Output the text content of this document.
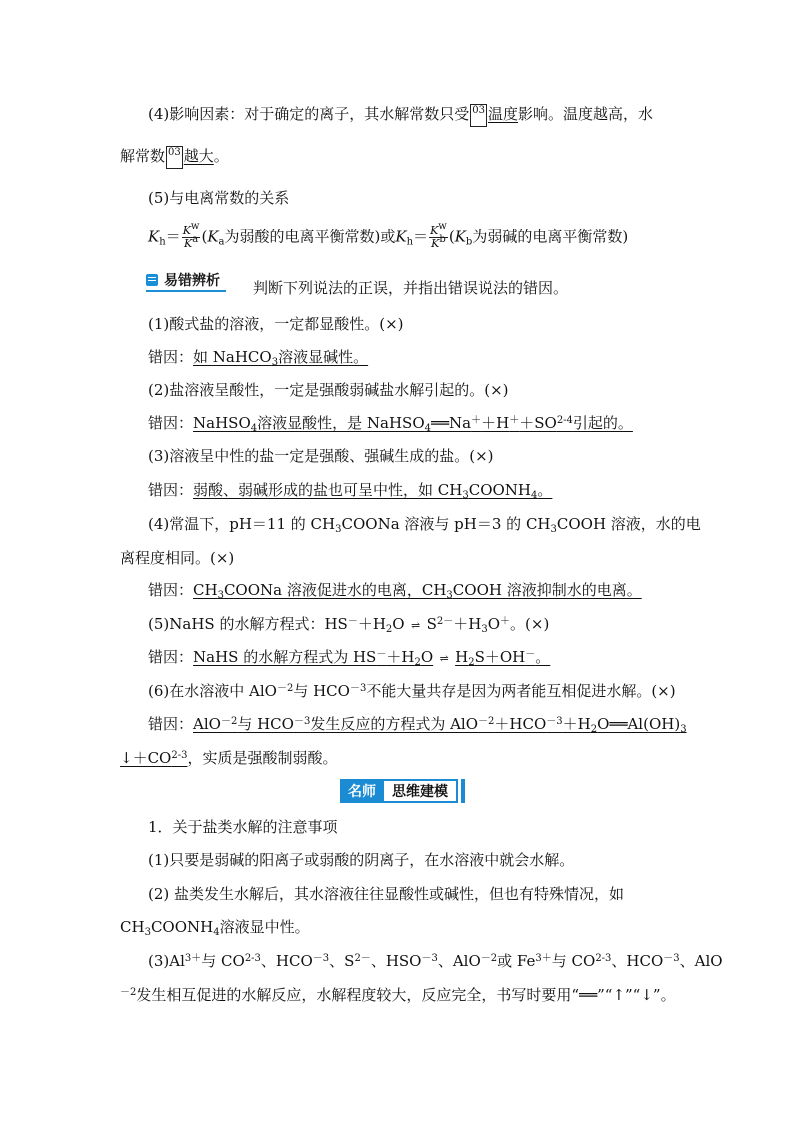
(4)影响因素：对于确定的离子，其水解常数只受 03 温度影响。温度越高，水
解常数 03 越大。
(5)与电离常数的关系
$K_h= \frac{K^w}{K^a} (K_a$为弱酸的电离平衡常数)或$K_h= \frac{K^w}{K^b} (K_b$为弱碱的电离平衡常数)
易错辨析 判断下列说法的正误，并指出错误说法的错因。
(1)酸式盐的溶液，一定都显酸性。(×)
错因：如 NaHCO$_3$溶液显碱性。
(2)盐溶液呈酸性，一定是强酸弱碱盐水解引起的。(×)
错因：NaHSO$_4$溶液显酸性，是 $NaHSO_4══Na^++H^++SO^{2-4}$引起的。
(3)溶液呈中性的盐一定是强酸、强碱生成的盐。(×)
错因：弱酸、弱碱形成的盐也可呈中性，如 $CH_3COONH_4$。
(4)常温下，pH＝11 的 $CH_3COONa$ 溶液与 pH＝3 的 $CH_3COOH$ 溶液，水的电
离程度相同。(×)
错因：$CH_3COONa$ 溶液促进水的电离，$CH_3COOH$ 溶液抑制水的电离。
(5)NaHS 的水解方程式：$HS^-+H_2O$ ⇌ $S^{2-}+H_3O^+$。(×)
错因：NaHS 的水解方程式为 $HS^-+H_2O$ ⇌ $H_2S+OH^-$。
(6)在水溶液中 AlO$^{-2}$与 $HCO^{-3}$不能大量共存是因为两者能互相促进水解。(×)
错因：AlO$^{-2}$与 $HCO^{-3}$发生反应的方程式为 $AlO^{-2}+HCO^{-3}+H_2O══Al(OH)_3$
$↓+CO^{2-3}$，实质是强酸制弱酸。
名师	思维建模
1．关于盐类水解的注意事项
(1)只要是弱碱的阳离子或弱酸的阴离子，在水溶液中就会水解。
(2) 盐类发生水解后，其水溶液往往显酸性或碱性，但也有特殊情况，如
$CH_3COONH_4$溶液显中性。
$(3)Al^{3+}$与 CO$^{2-3}$、$HCO^{-3}$、$S^{2-}$、$HSO^{-3}$、AlO$^{-2}$或 $Fe^{3+}$与 CO$^{2-3}$、$HCO^{-3}$、AlO
$^{-2}$发生相互促进的水解反应，水解程度较大，反应完全，书写时要用“══”“↑”“↓”。
